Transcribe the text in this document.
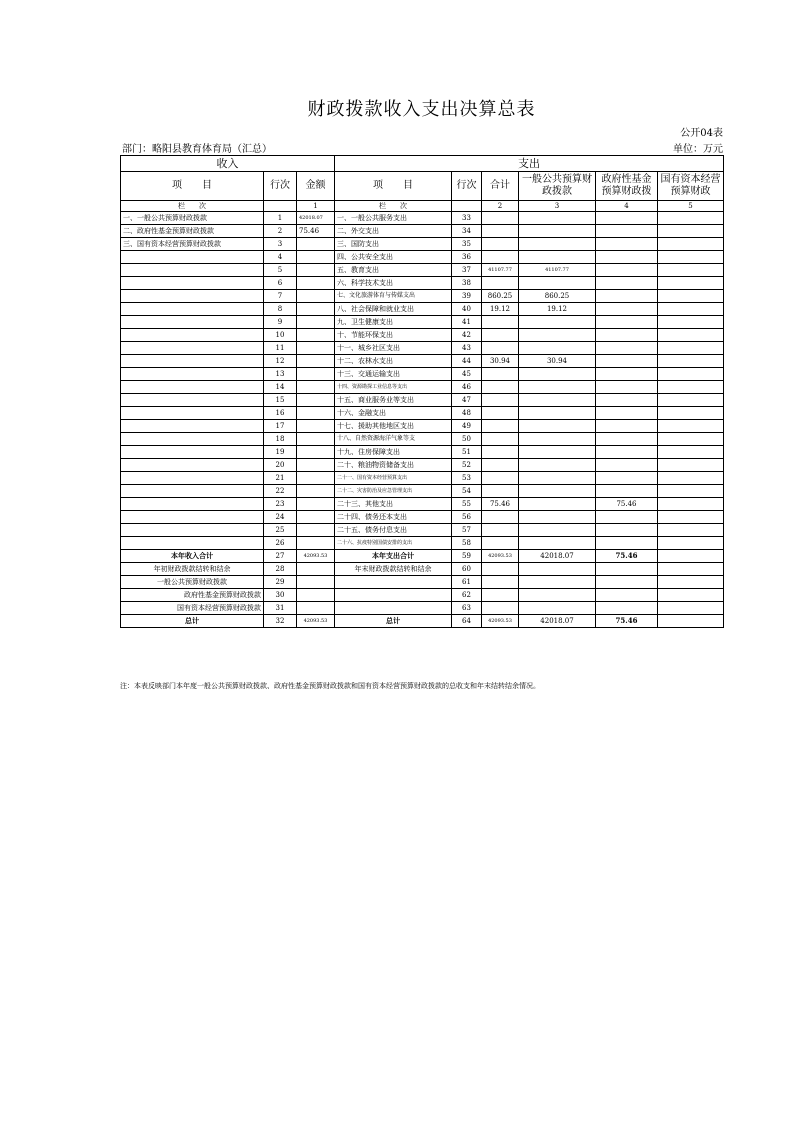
财政拨款收入支出决算总表
公开04表
部门：略阳县教育体育局（汇总）	单位：万元
收入			支出					
项　　目	行次	金额	项　　目	行次	合计	一般公共预算财政拨款	政府性基金预算财政拨	国有资本经营预算财政
栏　　次		1	栏　　次		2	3	4	5
一、一般公共预算财政拨款	1	42018.07	一、一般公共服务支出	33				
二、政府性基金预算财政拨款	2	75.46	二、外交支出	34				
三、国有资本经营预算财政拨款	3		三、国防支出	35				
	4		四、公共安全支出	36				
	5		五、教育支出	37	41107.77	41107.77		
	6		六、科学技术支出	38				
	7		七、文化旅游体育与传媒支出	39	860.25	860.25		
	8		八、社会保障和就业支出	40	19.12	19.12		
	9		九、卫生健康支出	41				
	10		十、节能环保支出	42				
	11		十一、城乡社区支出	43				
	12		十二、农林水支出	44	30.94	30.94		
	13		十三、交通运输支出	45				
	14		十四、资源勘探工业信息等支出	46				
	15		十五、商业服务业等支出	47				
	16		十六、金融支出	48				
	17		十七、援助其他地区支出	49				
	18		十八、自然资源海洋气象等支	50				
	19		十九、住房保障支出	51				
	20		二十、粮油物资储备支出	52				
	21		二十一、国有资本经营预算支出	53				
	22		二十二、灾害防治及应急管理支出	54				
	23		二十三、其他支出	55	75.46		75.46	
	24		二十四、债务还本支出	56				
	25		二十五、债务付息支出	57				
	26		二十六、抗疫特别国债安排的支出	58				
本年收入合计	27	42093.53	本年支出合计	59	42093.53	42018.07	75.46	
年初财政拨款结转和结余	28		年末财政拨款结转和结余	60				
一般公共预算财政拨款	29			61				
政府性基金预算财政拨款	30			62				
国有资本经营预算财政拨款	31			63				
总计	32	42093.53	总计	64	42093.53	42018.07	75.46	
注：本表反映部门本年度一般公共预算财政拨款、政府性基金预算财政拨款和国有资本经营预算财政拨款的总收支和年末结转结余情况。
